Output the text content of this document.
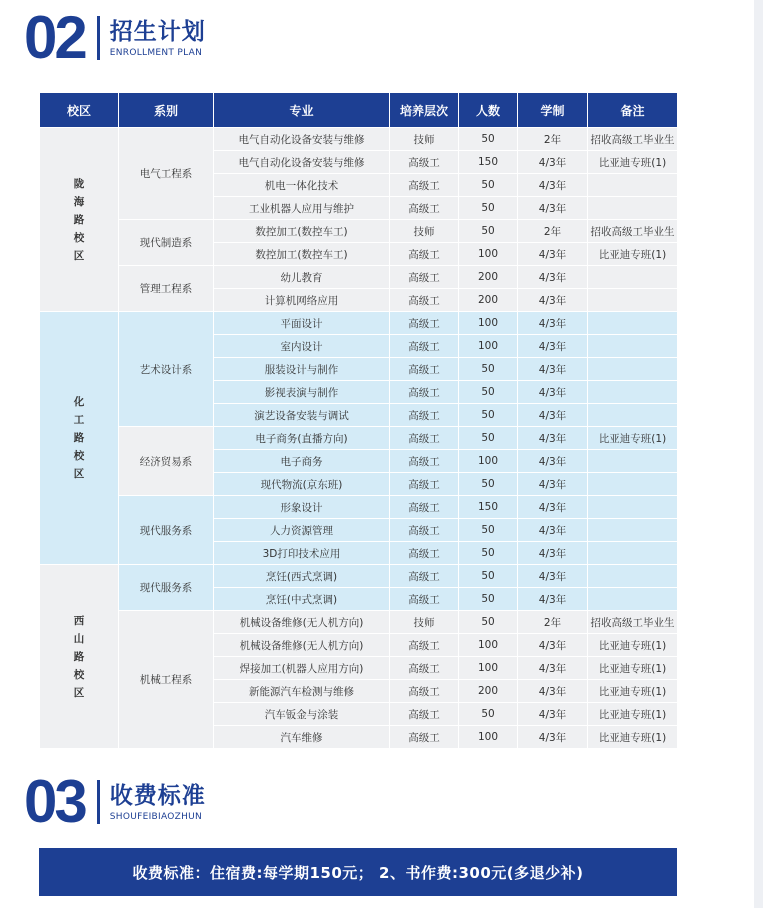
02 招生计划
ENROLLMENT PLAN
校区	系别	专业	培养层次	人数	学制	备注

陇海路校区	电气工程系	电气自动化设备安装与维修	技师	50	2年	招收高级工毕业生
		电气自动化设备安装与维修	高级工	150	4/3年	比亚迪专班(1)
		机电一体化技术	高级工	50	4/3年	
		工业机器人应用与维护	高级工	50	4/3年	
	现代制造系	数控加工(数控车工)	技师	50	2年	招收高级工毕业生
		数控加工(数控车工)	高级工	100	4/3年	比亚迪专班(1)
	管理工程系	幼儿教育	高级工	200	4/3年	
		计算机网络应用	高级工	200	4/3年	

化工路校区	艺术设计系	平面设计	高级工	100	4/3年	
		室内设计	高级工	100	4/3年	
		服装设计与制作	高级工	50	4/3年	
		影视表演与制作	高级工	50	4/3年	
		演艺设备安装与调试	高级工	50	4/3年	
	经济贸易系	电子商务(直播方向)	高级工	50	4/3年	比亚迪专班(1)
		电子商务	高级工	100	4/3年	
		现代物流(京东班)	高级工	50	4/3年	
	现代服务系	形象设计	高级工	150	4/3年	
		人力资源管理	高级工	50	4/3年	
		3D打印技术应用	高级工	50	4/3年	

西山路校区	现代服务系	烹饪(西式烹调)	高级工	50	4/3年	
		烹饪(中式烹调)	高级工	50	4/3年	
	机械工程系	机械设备维修(无人机方向)	技师	50	2年	招收高级工毕业生
		机械设备维修(无人机方向)	高级工	100	4/3年	比亚迪专班(1)
		焊接加工(机器人应用方向)	高级工	100	4/3年	比亚迪专班(1)
		新能源汽车检测与维修	高级工	200	4/3年	比亚迪专班(1)
		汽车钣金与涂装	高级工	50	4/3年	比亚迪专班(1)
		汽车维修	高级工	100	4/3年	比亚迪专班(1)
03 收费标准
SHOUFEIBIAOZHUN
收费标准：住宿费:每学期150元； 2、书作费:300元(多退少补)
